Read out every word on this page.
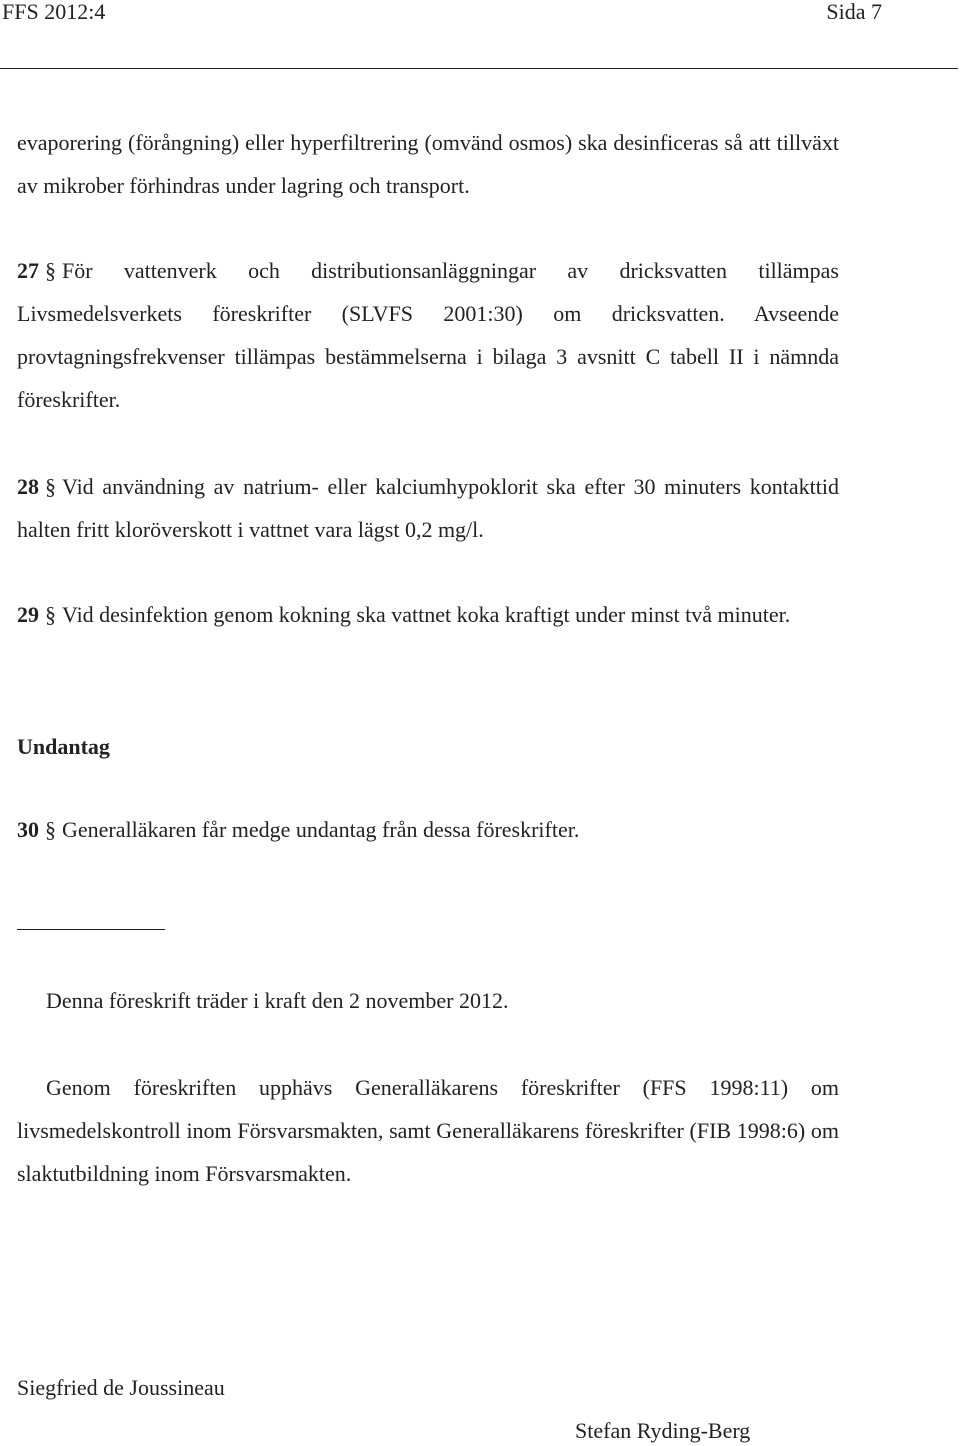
FFS 2012:4	Sida 7
evaporering (förångning) eller hyperfiltrering (omvänd osmos) ska desinficeras så att tillväxt av mikrober förhindras under lagring och transport.
27 § För vattenverk och distributionsanläggningar av dricksvatten tillämpas Livsmedelsverkets föreskrifter (SLVFS 2001:30) om dricksvatten. Avseende provtagningsfrekvenser tillämpas bestämmelserna i bilaga 3 avsnitt C tabell II i nämnda föreskrifter.
28 § Vid användning av natrium- eller kalciumhypoklorit ska efter 30 minuters kontakttid halten fritt kloröverskott i vattnet vara lägst 0,2 mg/l.
29 § Vid desinfektion genom kokning ska vattnet koka kraftigt under minst två minuter.
Undantag
30 § Generalläkaren får medge undantag från dessa föreskrifter.
Denna föreskrift träder i kraft den 2 november 2012.
Genom föreskriften upphävs Generalläkarens föreskrifter (FFS 1998:11) om livsmedelskontroll inom Försvarsmakten, samt Generalläkarens föreskrifter (FIB 1998:6) om slaktutbildning inom Försvarsmakten.
Siegfried de Joussineau
Stefan Ryding-Berg
